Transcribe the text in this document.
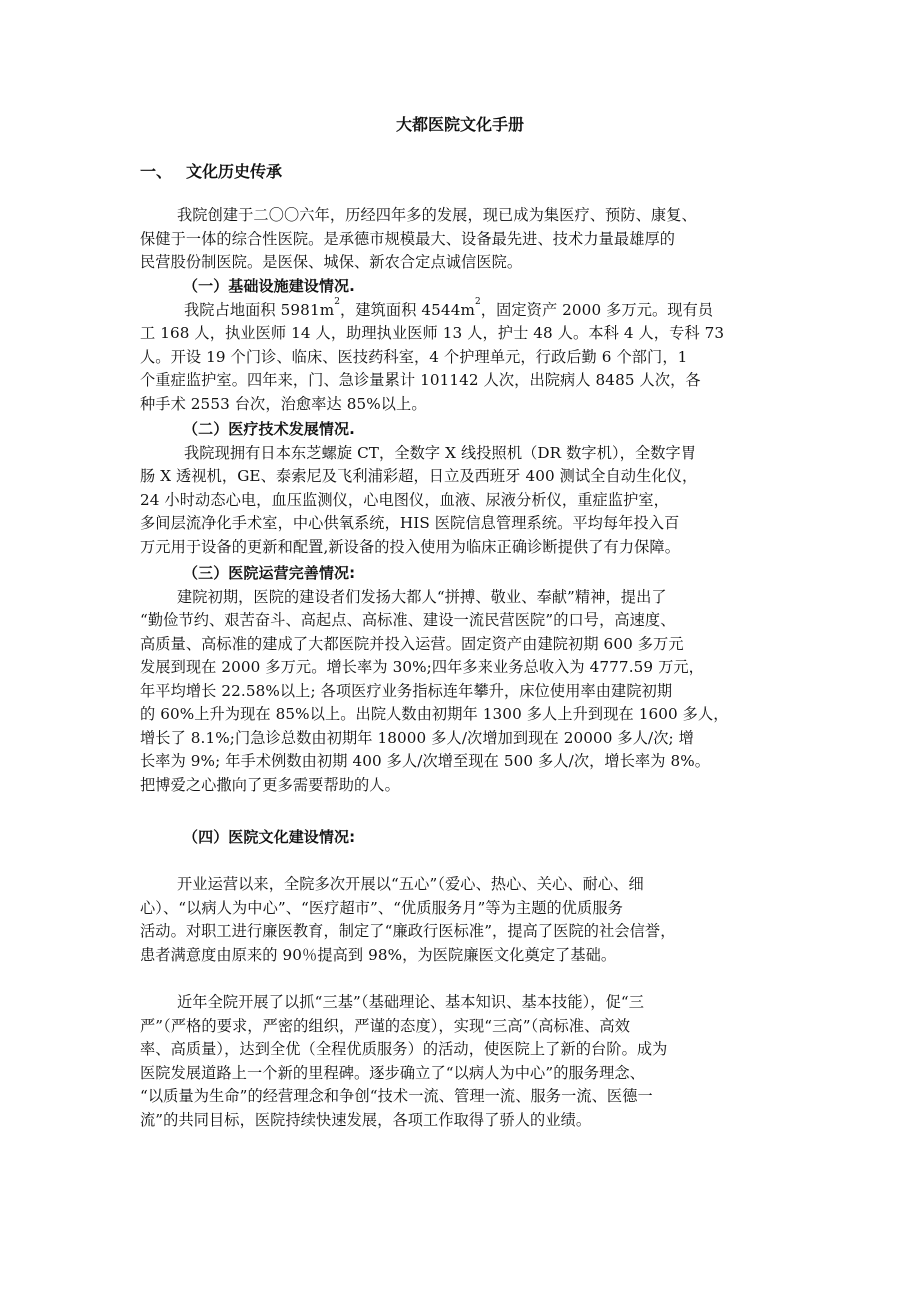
大都医院文化手册
一、 文化历史传承
我院创建于二〇〇六年，历经四年多的发展，现已成为集医疗、预防、康复、
保健于一体的综合性医院。是承德市规模最大、设备最先进、技术力量最雄厚的
民营股份制医院。是医保、城保、新农合定点诚信医院。
（一）基础设施建设情况.
我院占地面积 $5981m^2$，建筑面积 $4544m^2$，固定资产 2000 多万元。现有员
工 168 人，执业医师 14 人，助理执业医师 13 人，护士 48 人。本科 4 人，专科 73
人。开设 19 个门诊、临床、医技药科室，4 个护理单元，行政后勤 6 个部门，1
个重症监护室。四年来，门、急诊量累计 101142 人次，出院病人 8485 人次，各
种手术 2553 台次，治愈率达 85%以上。
（二）医疗技术发展情况.
我院现拥有日本东芝螺旋 CT，全数字 X 线投照机（DR 数字机），全数字胃
肠 X 透视机，GE、泰索尼及飞利浦彩超，日立及西班牙 400 测试全自动生化仪，
24 小时动态心电，血压监测仪，心电图仪，血液、尿液分析仪，重症监护室，
多间层流净化手术室，中心供氧系统，HIS 医院信息管理系统。平均每年投入百
万元用于设备的更新和配置,新设备的投入使用为临床正确诊断提供了有力保障。
（三）医院运营完善情况:
建院初期，医院的建设者们发扬大都人“拼搏、敬业、奉献”精神，提出了
“勤俭节约、艰苦奋斗、高起点、高标准、建设一流民营医院”的口号，高速度、
高质量、高标准的建成了大都医院并投入运营。固定资产由建院初期 600 多万元
发展到现在 2000 多万元。增长率为 30%;四年多来业务总收入为 4777.59 万元，
年平均增长 22.58%以上; 各项医疗业务指标连年攀升，床位使用率由建院初期
的 60%上升为现在 85%以上。出院人数由初期年 1300 多人上升到现在 1600 多人，
增长了 8.1%;门急诊总数由初期年 18000 多人/次增加到现在 20000 多人/次; 增
长率为 9%; 年手术例数由初期 400 多人/次增至现在 500 多人/次，增长率为 8%。
把博爱之心撒向了更多需要帮助的人。
（四）医院文化建设情况:
开业运营以来，全院多次开展以“五心”（爱心、热心、关心、耐心、细
心）、“以病人为中心”、“医疗超市”、“优质服务月”等为主题的优质服务
活动。对职工进行廉医教育，制定了“廉政行医标准”，提高了医院的社会信誉，
患者满意度由原来的 90％提高到 98%，为医院廉医文化奠定了基础。
近年全院开展了以抓“三基”（基础理论、基本知识、基本技能），促“三
严”（严格的要求，严密的组织，严谨的态度），实现“三高”（高标准、高效
率、高质量），达到全优（全程优质服务）的活动，使医院上了新的台阶。成为
医院发展道路上一个新的里程碑。逐步确立了“以病人为中心”的服务理念、
“以质量为生命”的经营理念和争创“技术一流、管理一流、服务一流、医德一
流”的共同目标，医院持续快速发展，各项工作取得了骄人的业绩。
